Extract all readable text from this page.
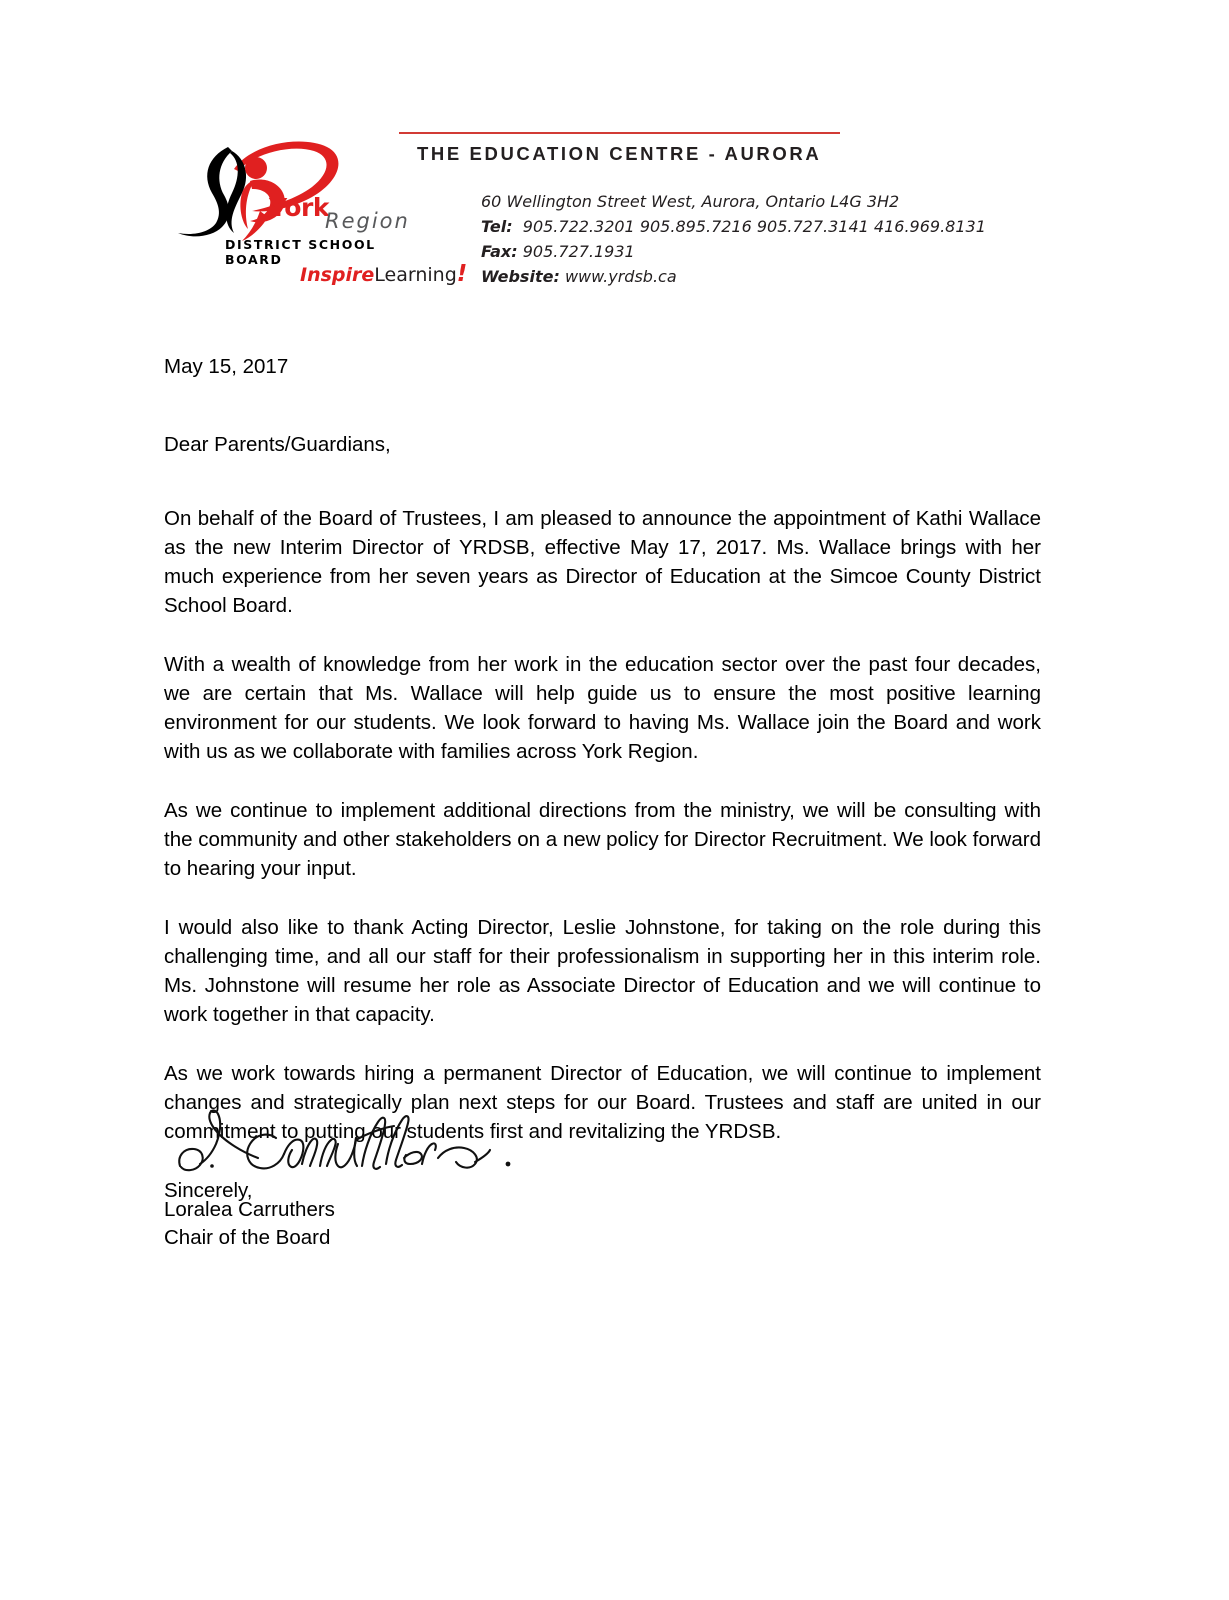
York
Region
DISTRICT SCHOOL BOARD
InspireLearning!
THE EDUCATION CENTRE - AURORA
60 Wellington Street West, Aurora, Ontario L4G 3H2
Tel: 905.722.3201 905.895.7216 905.727.3141 416.969.8131
Fax: 905.727.1931
Website: www.yrdsb.ca
May 15, 2017
Dear Parents/Guardians,

On behalf of the Board of Trustees, I am pleased to announce the appointment of Kathi Wallace as the new Interim Director of YRDSB, effective May 17, 2017. Ms. Wallace brings with her much experience from her seven years as Director of Education at the Simcoe County District School Board.

With a wealth of knowledge from her work in the education sector over the past four decades, we are certain that Ms. Wallace will help guide us to ensure the most positive learning environment for our students. We look forward to having Ms. Wallace join the Board and work with us as we collaborate with families across York Region.

As we continue to implement additional directions from the ministry, we will be consulting with the community and other stakeholders on a new policy for Director Recruitment. We look forward to hearing your input.

I would also like to thank Acting Director, Leslie Johnstone, for taking on the role during this challenging time, and all our staff for their professionalism in supporting her in this interim role. Ms. Johnstone will resume her role as Associate Director of Education and we will continue to work together in that capacity.

As we work towards hiring a permanent Director of Education, we will continue to implement changes and strategically plan next steps for our Board. Trustees and staff are united in our commitment to putting our students first and revitalizing the YRDSB.

Sincerely,
Loralea Carruthers
Chair of the Board
